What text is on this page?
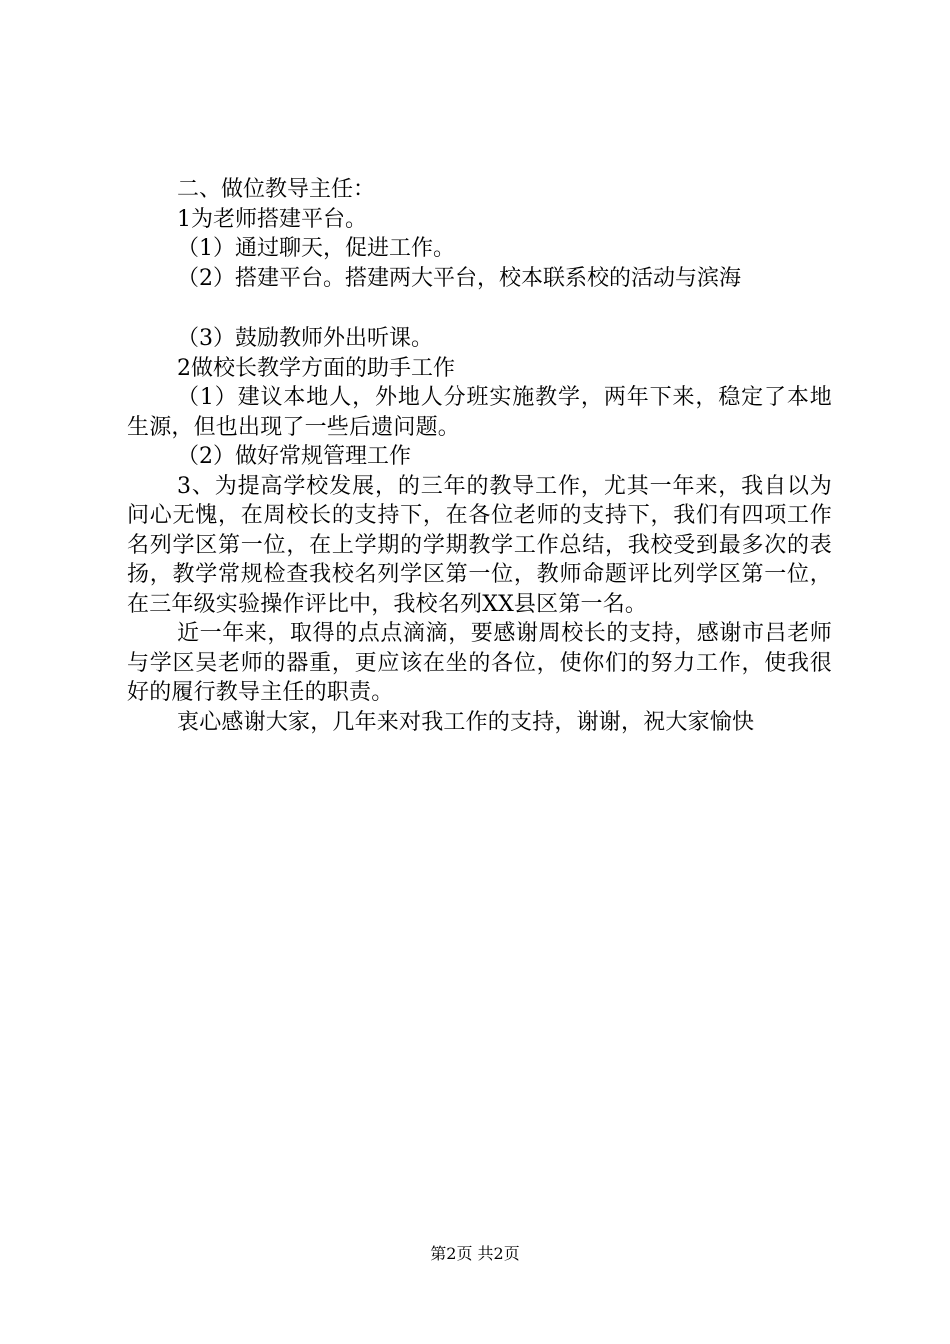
二、做位教导主任：
1为老师搭建平台。
（1）通过聊天，促进工作。
（2）搭建平台。搭建两大平台，校本联系校的活动与滨海
（3）鼓励教师外出听课。
2做校长教学方面的助手工作
（1）建议本地人，外地人分班实施教学，两年下来，稳定了本地生源，但也出现了一些后遗问题。
（2）做好常规管理工作
3、为提高学校发展，的三年的教导工作，尤其一年来，我自以为问心无愧，在周校长的支持下，在各位老师的支持下，我们有四项工作名列学区第一位，在上学期的学期教学工作总结，我校受到最多次的表扬，教学常规检查我校名列学区第一位，教师命题评比列学区第一位，在三年级实验操作评比中，我校名列XX县区第一名。
近一年来，取得的点点滴滴，要感谢周校长的支持，感谢市吕老师与学区吴老师的器重，更应该在坐的各位，使你们的努力工作，使我很好的履行教导主任的职责。
衷心感谢大家，几年来对我工作的支持，谢谢，祝大家愉快
第2页 共2页
